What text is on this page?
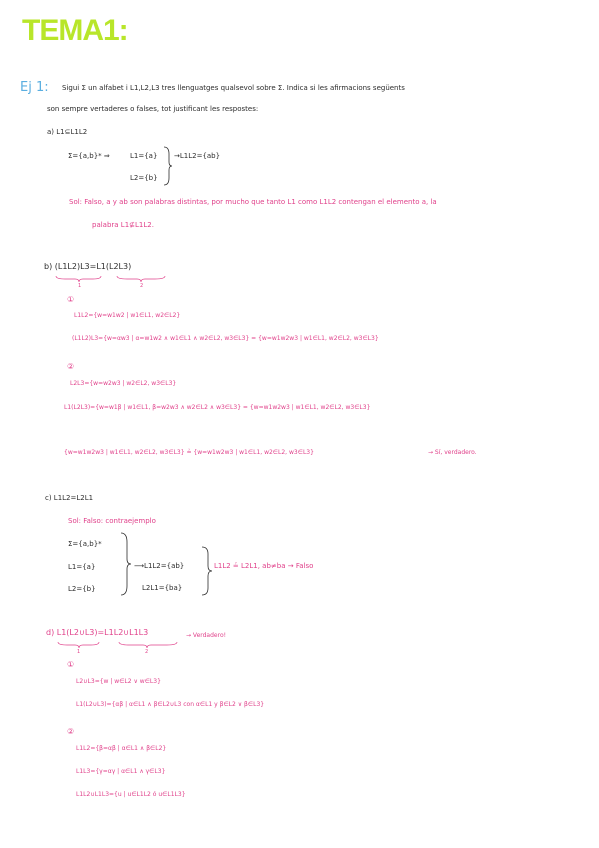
TEMA1:
Ej 1: Sigui Σ un alfabet i L1,L2,L3 tres llenguatges qualsevol sobre Σ. Indica si les afirmacions següents
son sempre vertaderes o falses, tot justificant les respostes:
a) L1⊆L1L2
Σ={a,b}* ⇒	L1={a}
L2={b}
→L1L2={ab}
Sol: Falso, a y ab son palabras distintas, por mucho que tanto L1 como L1L2 contengan el elemento a, la
palabra L1⊈L1L2.
b) (L1L2)L3=L1(L2L3)
1	2
①
L1L2={w=w1w2 | w1∈L1, w2∈L2}
(L1L2)L3={w=αw3 | α=w1w2 ∧ w1∈L1 ∧ w2∈L2, w3∈L3} = {w=w1w2w3 | w1∈L1, w2∈L2, w3∈L3}
②
L2L3={w=w2w3 | w2∈L2, w3∈L3}
L1(L2L3)={w=w1β | w1∈L1, β=w2w3 ∧ w2∈L2 ∧ w3∈L3} = {w=w1w2w3 | w1∈L1, w2∈L2, w3∈L3}
{w=w1w2w3 | w1∈L1, w2∈L2, w3∈L3} ≟ {w=w1w2w3 | w1∈L1, w2∈L2, w3∈L3}	→ Sí, verdadero.
c) L1L2=L2L1
Sol: Falso: contraejemplo
Σ={a,b}*
L1={a}
L2={b}
⟶L1L2={ab}
L2L1={ba}
L1L2 ≟ L2L1, ab≠ba → Falso
d) L1(L2∪L3)=L1L2∪L1L3	→ Verdadero!
1	2
①
L2∪L3={w | w∈L2 ∨ w∈L3}
L1(L2∪L3)={αβ | α∈L1 ∧ β∈L2∪L3 con α∈L1 y β∈L2 ∨ β∈L3}
②
L1L2={β=αβ | α∈L1 ∧ β∈L2}
L1L3={γ=αγ | α∈L1 ∧ γ∈L3}
L1L2∪L1L3={u | u∈L1L2 ó u∈L1L3}
